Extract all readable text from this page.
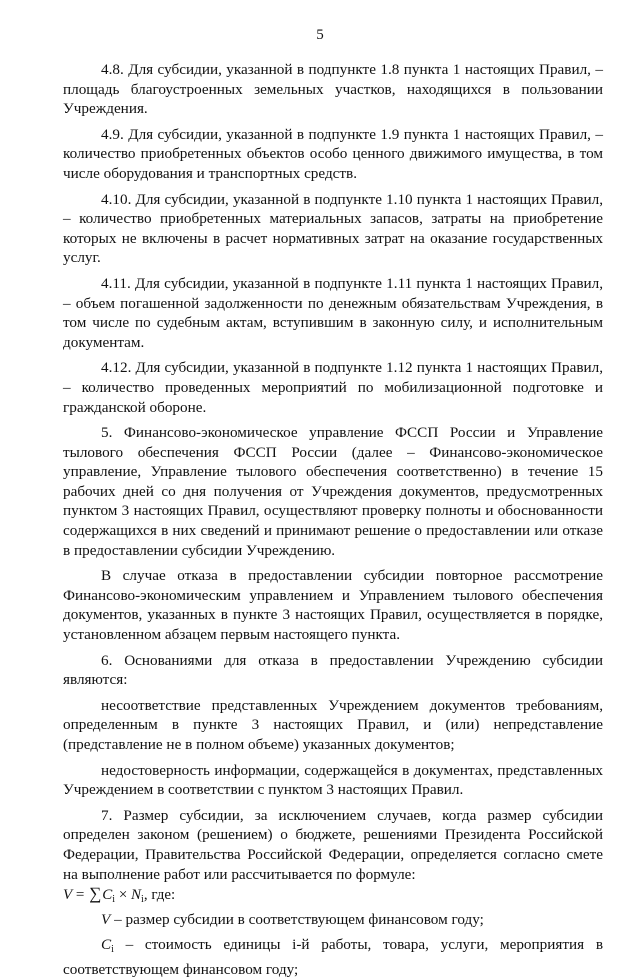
5

4.8. Для субсидии, указанной в подпункте 1.8 пункта 1 настоящих Правил, – площадь благоустроенных земельных участков, находящихся в пользовании Учреждения.

4.9. Для субсидии, указанной в подпункте 1.9 пункта 1 настоящих Правил, – количество приобретенных объектов особо ценного движимого имущества, в том числе оборудования и транспортных средств.

4.10. Для субсидии, указанной в подпункте 1.10 пункта 1 настоящих Правил, – количество приобретенных материальных запасов, затраты на приобретение которых не включены в расчет нормативных затрат на оказание государственных услуг.

4.11. Для субсидии, указанной в подпункте 1.11 пункта 1 настоящих Правил, – объем погашенной задолженности по денежным обязательствам Учреждения, в том числе по судебным актам, вступившим в законную силу, и исполнительным документам.

4.12. Для субсидии, указанной в подпункте 1.12 пункта 1 настоящих Правил, – количество проведенных мероприятий по мобилизационной подготовке и гражданской обороне.

5. Финансово-экономическое управление ФССП России и Управление тылового обеспечения ФССП России (далее – Финансово-экономическое управление, Управление тылового обеспечения соответственно) в течение 15 рабочих дней со дня получения от Учреждения документов, предусмотренных пунктом 3 настоящих Правил, осуществляют проверку полноты и обоснованности содержащихся в них сведений и принимают решение о предоставлении или отказе в предоставлении субсидии Учреждению.

В случае отказа в предоставлении субсидии повторное рассмотрение Финансово-экономическим управлением и Управлением тылового обеспечения документов, указанных в пункте 3 настоящих Правил, осуществляется в порядке, установленном абзацем первым настоящего пункта.

6. Основаниями для отказа в предоставлении Учреждению субсидии являются:

несоответствие представленных Учреждением документов требованиям, определенным в пункте 3 настоящих Правил, и (или) непредставление (представление не в полном объеме) указанных документов;

недостоверность информации, содержащейся в документах, представленных Учреждением в соответствии с пунктом 3 настоящих Правил.

7. Размер субсидии, за исключением случаев, когда размер субсидии определен законом (решением) о бюджете, решениями Президента Российской Федерации, Правительства Российской Федерации, определяется согласно смете на выполнение работ или рассчитывается по формуле:

$V = \sum C_i \times N_i$, где:

V – размер субсидии в соответствующем финансовом году;

$C_i$ – стоимость единицы i-й работы, товара, услуги, мероприятия в соответствующем финансовом году;
